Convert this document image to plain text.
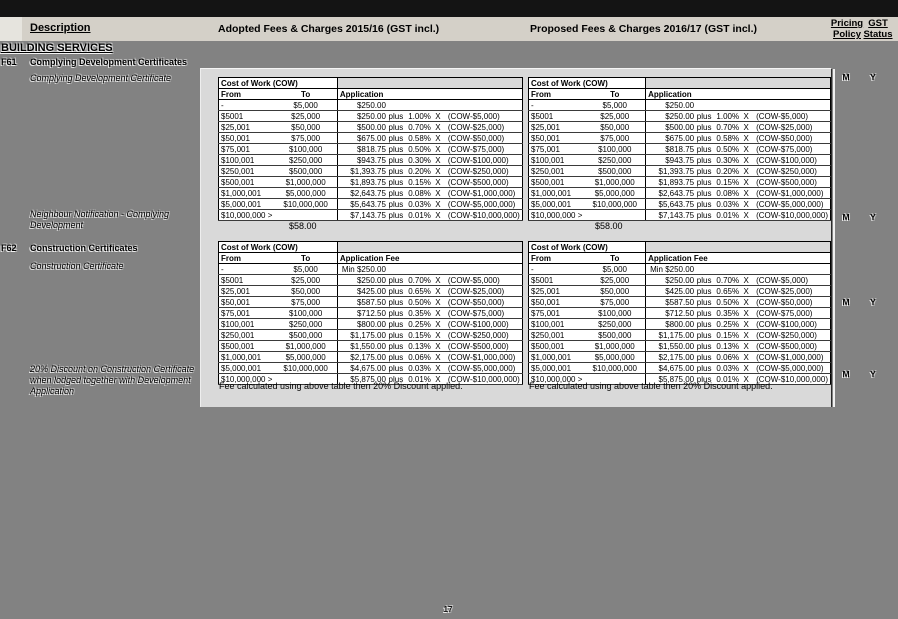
Description	Adopted Fees & Charges 2015/16 (GST incl.)	Proposed Fees & Charges 2016/17 (GST incl.)	Pricing
Policy
GST
Status
BUILDING SERVICES
F61 Complying Development Certificates
Complying Development Certificate
Neighbour Notification - Complying Development
F62 Construction Certificates
Construction Certificate
20% Discount on Construction Certificate when lodged together with Development Application
Cost of Work (COW)		
From	To	Application
-	$5,000	$250.00

$5001	$25,000	$250.00 plus 1.00% X (COW-$5,000)

$25,001	$50,000	$500.00 plus 0.70% X (COW-$25,000)

$50,001	$75,000	$675.00 plus 0.58% X (COW-$50,000)

$75,001	$100,000	$818.75 plus 0.50% X (COW-$75,000)

$100,001	$250,000	$943.75 plus 0.30% X (COW-$100,000)

$250,001	$500,000	$1,393.75 plus 0.20% X (COW-$250,000)

$500,001	$1,000,000	$1,893.75 plus 0.15% X (COW-$500,000)

$1,000,001	$5,000,000	$2,643.75 plus 0.08% X (COW-$1,000,000)

$5,000,001	$10,000,000	$5,643.75 plus 0.03% X (COW-$5,000,000)

$10,000,000 >		$7,143.75 plus 0.01% X (COW-$10,000,000)
Cost of Work (COW)		
From	To	Application
-	$5,000	$250.00

$5001	$25,000	$250.00 plus 1.00% X (COW-$5,000)

$25,001	$50,000	$500.00 plus 0.70% X (COW-$25,000)

$50,001	$75,000	$675.00 plus 0.58% X (COW-$50,000)

$75,001	$100,000	$818.75 plus 0.50% X (COW-$75,000)

$100,001	$250,000	$943.75 plus 0.30% X (COW-$100,000)

$250,001	$500,000	$1,393.75 plus 0.20% X (COW-$250,000)

$500,001	$1,000,000	$1,893.75 plus 0.15% X (COW-$500,000)

$1,000,001	$5,000,000	$2,643.75 plus 0.08% X (COW-$1,000,000)

$5,000,001	$10,000,000	$5,643.75 plus 0.03% X (COW-$5,000,000)

$10,000,000 >		$7,143.75 plus 0.01% X (COW-$10,000,000)
$58.00	$58.00
Cost of Work (COW)		
From	To	Application Fee
-	$5,000	Min $250.00

$5001	$25,000	$250.00 plus 0.70% X (COW-$5,000)

$25,001	$50,000	$425.00 plus 0.65% X (COW-$25,000)

$50,001	$75,000	$587.50 plus 0.50% X (COW-$50,000)

$75,001	$100,000	$712.50 plus 0.35% X (COW-$75,000)

$100,001	$250,000	$800.00 plus 0.25% X (COW-$100,000)

$250,001	$500,000	$1,175.00 plus 0.15% X (COW-$250,000)

$500,001	$1,000,000	$1,550.00 plus 0.13% X (COW-$500,000)

$1,000,001	$5,000,000	$2,175.00 plus 0.06% X (COW-$1,000,000)

$5,000,001	$10,000,000	$4,675.00 plus 0.03% X (COW-$5,000,000)

$10,000,000 >		$5,875.00 plus 0.01% X (COW-$10,000,000)
Cost of Work (COW)		
From	To	Application Fee
-	$5,000	Min $250.00

$5001	$25,000	$250.00 plus 0.70% X (COW-$5,000)

$25,001	$50,000	$425.00 plus 0.65% X (COW-$25,000)

$50,001	$75,000	$587.50 plus 0.50% X (COW-$50,000)

$75,001	$100,000	$712.50 plus 0.35% X (COW-$75,000)

$100,001	$250,000	$800.00 plus 0.25% X (COW-$100,000)

$250,001	$500,000	$1,175.00 plus 0.15% X (COW-$250,000)

$500,001	$1,000,000	$1,550.00 plus 0.13% X (COW-$500,000)

$1,000,001	$5,000,000	$2,175.00 plus 0.06% X (COW-$1,000,000)

$5,000,001	$10,000,000	$4,675.00 plus 0.03% X (COW-$5,000,000)

$10,000,000 >		$5,875.00 plus 0.01% X (COW-$10,000,000)
Fee calculated using above table then 20% Discount applied.	Fee calculated using above table then 20% Discount applied.
M	Y
M	Y
M	Y
M	Y
17
